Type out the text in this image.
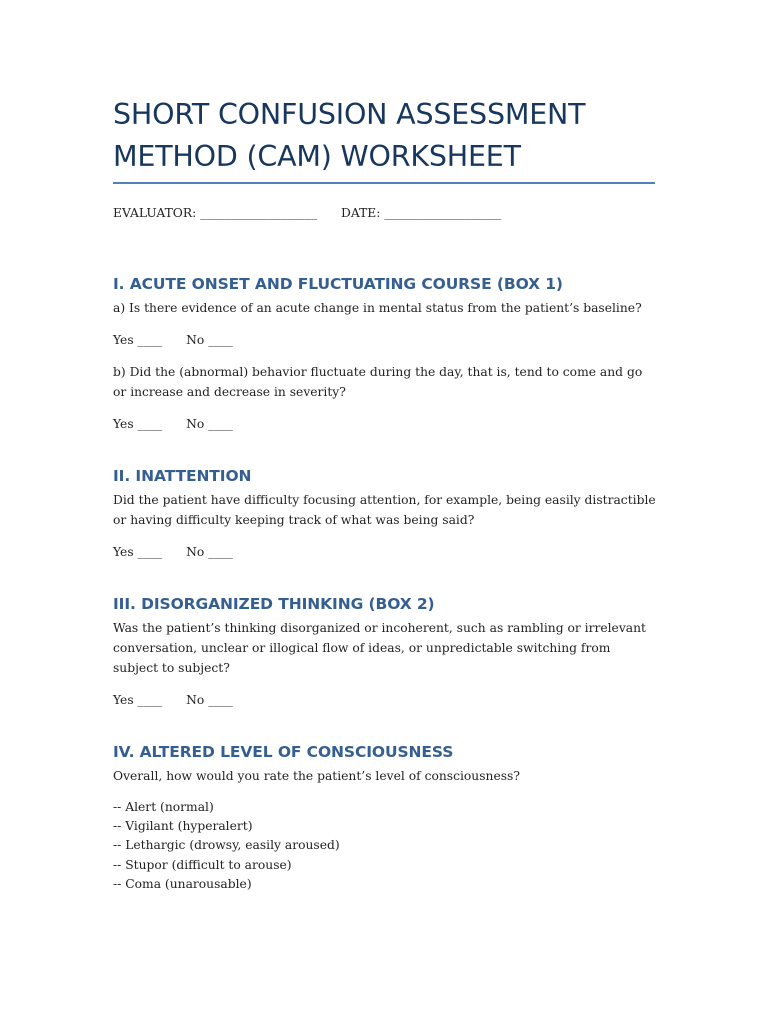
SHORT CONFUSION ASSESSMENT
METHOD (CAM) WORKSHEET
EVALUATOR: ___________________ DATE: ___________________
I. ACUTE ONSET AND FLUCTUATING COURSE (BOX 1)

a) Is there evidence of an acute change in mental status from the patient’s baseline?

Yes ____ No ____

b) Did the (abnormal) behavior fluctuate during the day, that is, tend to come and go or increase and decrease in severity?

Yes ____ No ____
II. INATTENTION

Did the patient have difficulty focusing attention, for example, being easily distractible or having difficulty keeping track of what was being said?

Yes ____ No ____
III. DISORGANIZED THINKING (BOX 2)

Was the patient’s thinking disorganized or incoherent, such as rambling or irrelevant conversation, unclear or illogical flow of ideas, or unpredictable switching from subject to subject?

Yes ____ No ____
IV. ALTERED LEVEL OF CONSCIOUSNESS

Overall, how would you rate the patient’s level of consciousness?

-- Alert (normal)
-- Vigilant (hyperalert)
-- Lethargic (drowsy, easily aroused)
-- Stupor (difficult to arouse)
-- Coma (unarousable)
